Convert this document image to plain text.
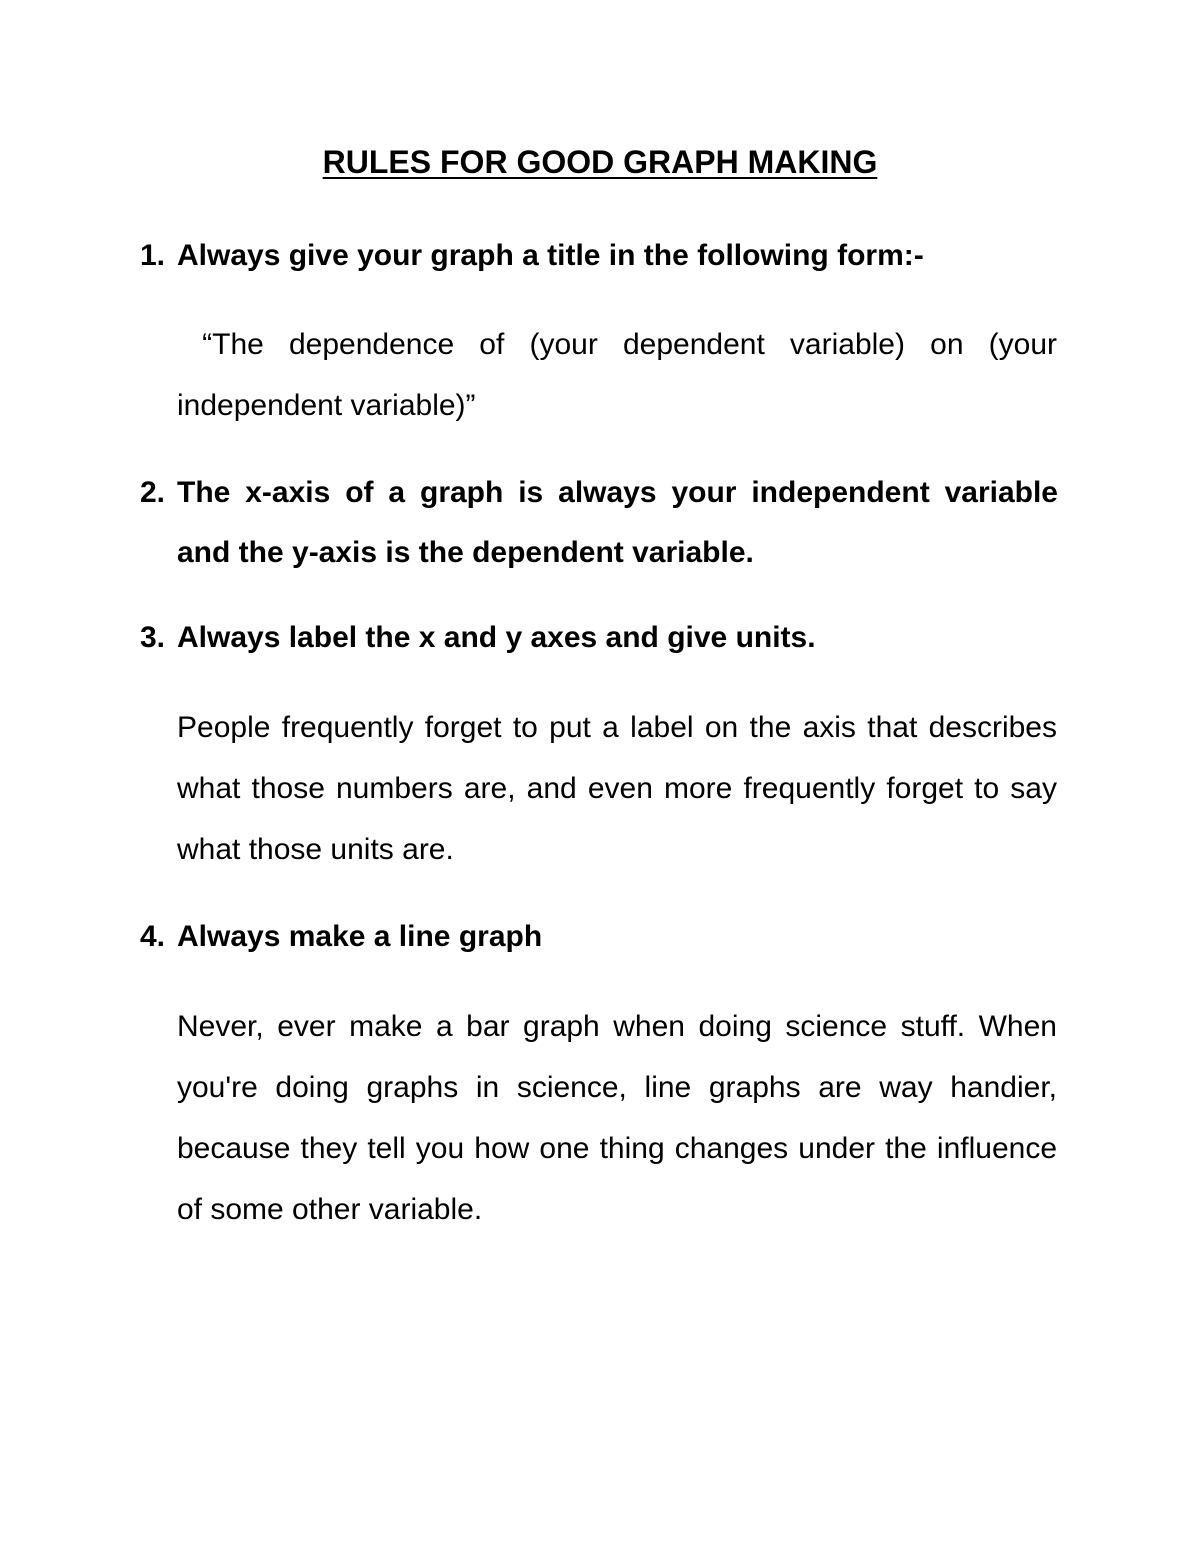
RULES FOR GOOD GRAPH MAKING
1. Always give your graph a title in the following form:-
“The dependence of (your dependent variable) on (your independent variable)”
2. The x-axis of a graph is always your independent variable and the y-axis is the dependent variable.
3. Always label the x and y axes and give units.
People frequently forget to put a label on the axis that describes what those numbers are, and even more frequently forget to say what those units are.
4. Always make a line graph
Never, ever make a bar graph when doing science stuff. When you're doing graphs in science, line graphs are way handier, because they tell you how one thing changes under the influence of some other variable.
